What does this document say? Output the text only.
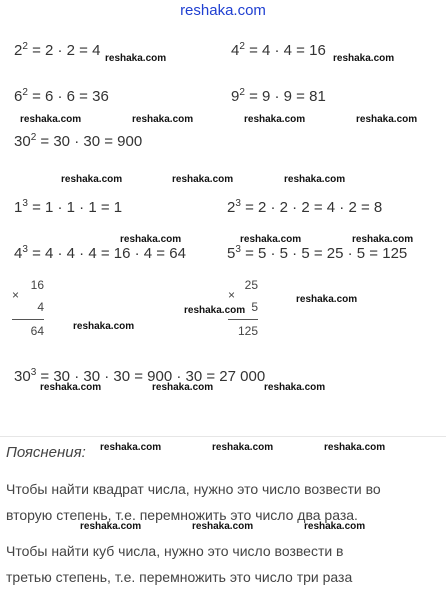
reshaka.com
$2^2 = 2 \cdot 2 = 4$	$4^2 = 4 \cdot 4 = 16$
$6^2 = 6 \cdot 6 = 36$	$9^2 = 9 \cdot 9 = 81$
$30^2 = 30 \cdot 30 = 900$
$1^3 = 1 \cdot 1 \cdot 1 = 1$	$2^3 = 2 \cdot 2 \cdot 2 = 4 \cdot 2 = 8$
$4^3 = 4 \cdot 4 \cdot 4 = 16 \cdot 4 = 64$	$5^3 = 5 \cdot 5 \cdot 5 = 25 \cdot 5 = 125$
$30^3 = 30 \cdot 30 \cdot 30 = 900 \cdot 30 = 27$ 000
×
16
4
64
×
25
5
125
Пояснения:
Чтобы найти квадрат числа, нужно это число возвести во
вторую степень, т.е. перемножить это число два раза.
Чтобы найти куб числа, нужно это число возвести в
третью степень, т.е. перемножить это число три раза
reshaka.com	reshaka.com
reshaka.com	reshaka.com	reshaka.com	reshaka.com
reshaka.com	reshaka.com	reshaka.com
reshaka.com	reshaka.com	reshaka.com
reshaka.com
reshaka.com
reshaka.com
reshaka.com	reshaka.com	reshaka.com
reshaka.com	reshaka.com	reshaka.com
reshaka.com	reshaka.com	reshaka.com
